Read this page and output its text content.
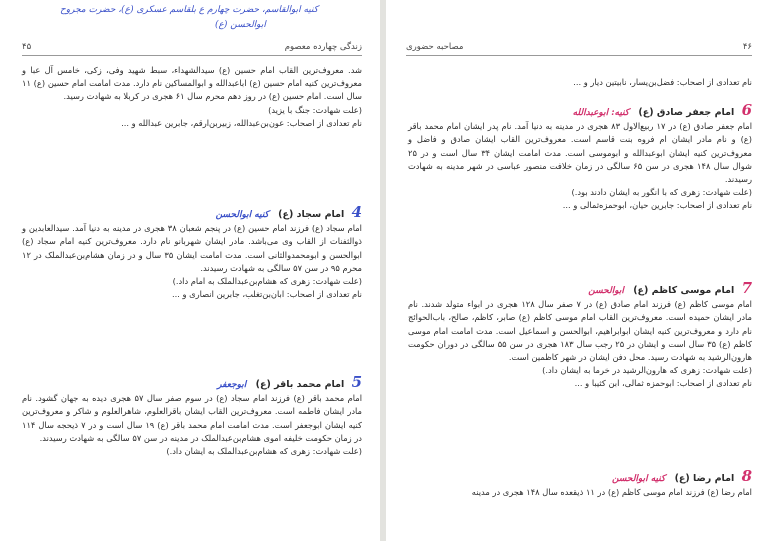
۴۶
مصاحبه حضوری
نام تعدادی از اصحاب: فضل‌بن‌یسار، نابیتین دیار و ...
6 امام جعفر صادق (ع) کنیه: ابوعبدالله
امام جعفر صادق (ع) در ۱۷ ربیع‌الاول ۸۳ هجری در مدینه به دنیا آمد. نام پدر ایشان امام محمد باقر (ع) و نام مادر ایشان ام فروه بنت قاسم است. معروف‌ترین القاب ایشان صادق و فاضل و معروف‌ترین کنیه ایشان ابوعبدالله و ابوموسی است. مدت امامت ایشان ۳۴ سال است و در ۲۵ شوال سال ۱۴۸ هجری در سن ۶۵ سالگی در زمان خلافت منصور عباسی در شهر مدینه به شهادت رسیدند.
(علت شهادت: زهری که با انگور به ایشان دادند بود.)
نام تعدادی از اصحاب: جابرین حیان، ابوحمزه‌ثمالی و ...
7 امام موسی کاظم (ع) ابوالحسن
امام موسی کاظم (ع) فرزند امام صادق (ع) در ۷ صفر سال ۱۲۸ هجری در ابواء متولد شدند. نام مادر ایشان حمیده است. معروف‌ترین القاب امام موسی کاظم (ع) صابر، کاظم، صالح، باب‌الحوائج نام دارد و معروف‌ترین کنیه ایشان ابوابراهیم، ابوالحسن و اسماعیل است. مدت امامت امام موسی کاظم (ع) ۳۵ سال است و ایشان در ۲۵ رجب سال ۱۸۳ هجری در سن ۵۵ سالگی در دوران حکومت هارون‌الرشید به شهادت رسید. محل دفن ایشان در شهر کاظمین است.
(علت شهادت: زهری که هارون‌الرشید در خرما به ایشان داد.)
نام تعدادی از اصحاب: ابوحمزه ثمالی، ابن کثیبا و ...
8 امام رضا (ع) کنیه ابوالحسن
امام رضا (ع) فرزند امام موسی کاظم (ع) در ۱۱ ذیقعده سال ۱۴۸ هجری در مدینه
کنیه ابوالقاسم، حضرت چهارم ع بلقاسم عسکری (ع)، حضرت مجروح
ابوالحسن (ع)
زندگی چهارده معصوم
۴۵
شد. معروف‌ترین القاب امام حسین (ع) سیدالشهداء، سبط شهید وفی، زکی، خامس آل عبا و معروف‌ترین کنیه امام حسین (ع) اباعبدالله و ابوالمساکین نام دارد. مدت امامت امام حسین (ع) ۱۱ سال است. امام حسین (ع) در روز دهم محرم سال ۶۱ هجری در کربلا به شهادت رسید.
(علت شهادت: جنگ با یزید)
نام تعدادی از اصحاب: عون‌بن‌عبدالله، زبیربن‌ارقم، جابرین عبدالله و ...
4 امام سجاد (ع) کنیه ابوالحسن
امام سجاد (ع) فرزند امام حسین (ع) در پنجم شعبان ۳۸ هجری در مدینه به دنیا آمد. سیدالعابدین و ذوالثفنات از القاب وی می‌باشد. مادر ایشان شهربانو نام دارد. معروف‌ترین کنیه امام سجاد (ع) ابوالحسن و ابومحمدوالثانی است. مدت امامت ایشان ۳۵ سال و در زمان هشام‌بن‌عبدالملک در ۱۲ محرم ۹۵ در سن ۵۷ سالگی به شهادت رسیدند.
(علت شهادت: زهری که هشام‌بن‌عبدالملک به امام داد.)
نام تعدادی از اصحاب: ابان‌بن‌تغلب، جابرین انصاری و ...
5 امام محمد باقر (ع) ابوجعفر
امام محمد باقر (ع) فرزند امام سجاد (ع) در سوم صفر سال ۵۷ هجری دیده به جهان گشود. نام مادر ایشان فاطمه است. معروف‌ترین القاب ایشان باقرالعلوم، شاهرالعلوم و شاکر و معروف‌ترین کنیه ایشان ابوجعفر است. مدت امامت امام محمد باقر (ع) ۱۹ سال است و در ۷ ذیحجه سال ۱۱۴ در زمان حکومت خلیفه اموی هشام‌بن‌عبدالملک در مدینه در سن ۵۷ سالگی به شهادت رسیدند.
(علت شهادت: زهری که هشام‌بن‌عبدالملک به ایشان داد.)
